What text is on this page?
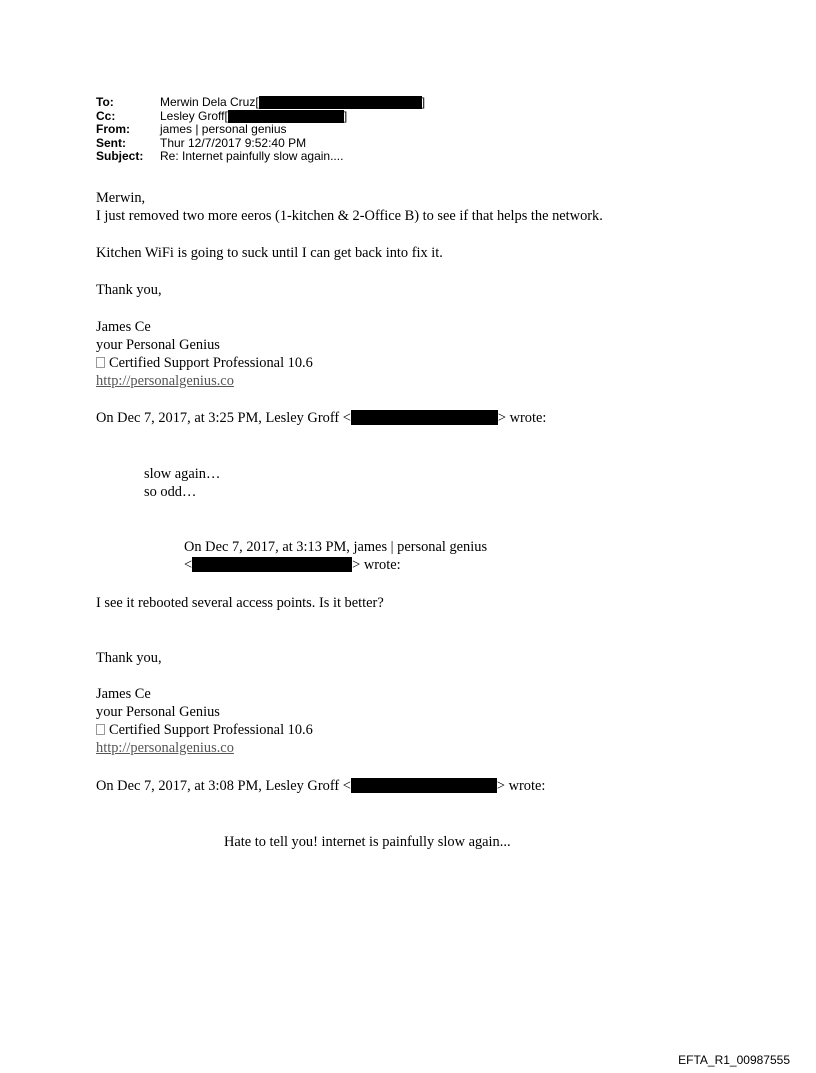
To:	Merwin Dela Cruz[	]
Cc:	Lesley Groff[	]
From:	james | personal genius
Sent:	Thur 12/7/2017 9:52:40 PM
Subject:	Re: Internet painfully slow again....
Merwin,
I just removed two more eeros (1-kitchen & 2-Office B) to see if that helps the network.
Kitchen WiFi is going to suck until I can get back into fix it.
Thank you,
James Ce
your Personal Genius
Certified Support Professional 10.6
http://personalgenius.co
On Dec 7, 2017, at 3:25 PM, Lesley Groff <	> wrote:
slow again…
so odd…
On Dec 7, 2017, at 3:13 PM, james | personal genius
<	> wrote:
I see it rebooted several access points. Is it better?
Thank you,
James Ce
your Personal Genius
Certified Support Professional 10.6
http://personalgenius.co
On Dec 7, 2017, at 3:08 PM, Lesley Groff <	> wrote:
Hate to tell you! internet is painfully slow again...
EFTA_R1_00987555
